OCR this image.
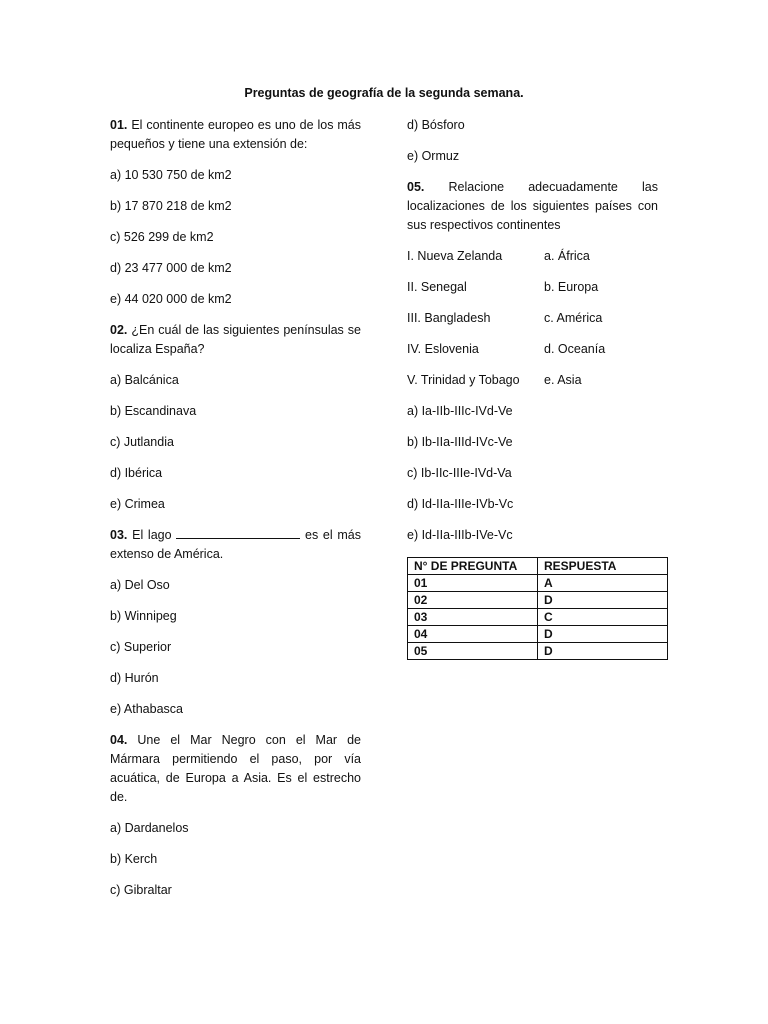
Preguntas de geografía de la segunda semana.

01. El continente europeo es uno de los más pequeños y tiene una extensión de:

a) 10 530 750 de km2
b) 17 870 218 de km2
c) 526 299 de km2
d) 23 477 000 de km2
e) 44 020 000 de km2

02. ¿En cuál de las siguientes penínsulas se localiza España?

a) Balcánica
b) Escandinava
c) Jutlandia
d) Ibérica
e) Crimea

03. El lago	es el más extenso de América.

a) Del Oso
b) Winnipeg
c) Superior
d) Hurón
e) Athabasca

04. Une el Mar Negro con el Mar de Mármara permitiendo el paso, por vía acuática, de Europa a Asia. Es el estrecho de.

a) Dardanelos
b) Kerch
c) Gibraltar
d) Bósforo
e) Ormuz

05. Relacione adecuadamente las localizaciones de los siguientes países con sus respectivos continentes

I. Nueva Zelanda	a. África
II. Senegal	b. Europa
III. Bangladesh	c. América
IV. Eslovenia	d. Oceanía
V. Trinidad y Tobago	e. Asia
a) Ia-IIb-IIIc-IVd-Ve
b) Ib-IIa-IIId-IVc-Ve
c) Ib-IIc-IIIe-IVd-Va
d) Id-IIa-IIIe-IVb-Vc
e) Id-IIa-IIIb-IVe-Vc
N° DE PREGUNTA	RESPUESTA
01	A
02	D
03	C
04	D
05	D
